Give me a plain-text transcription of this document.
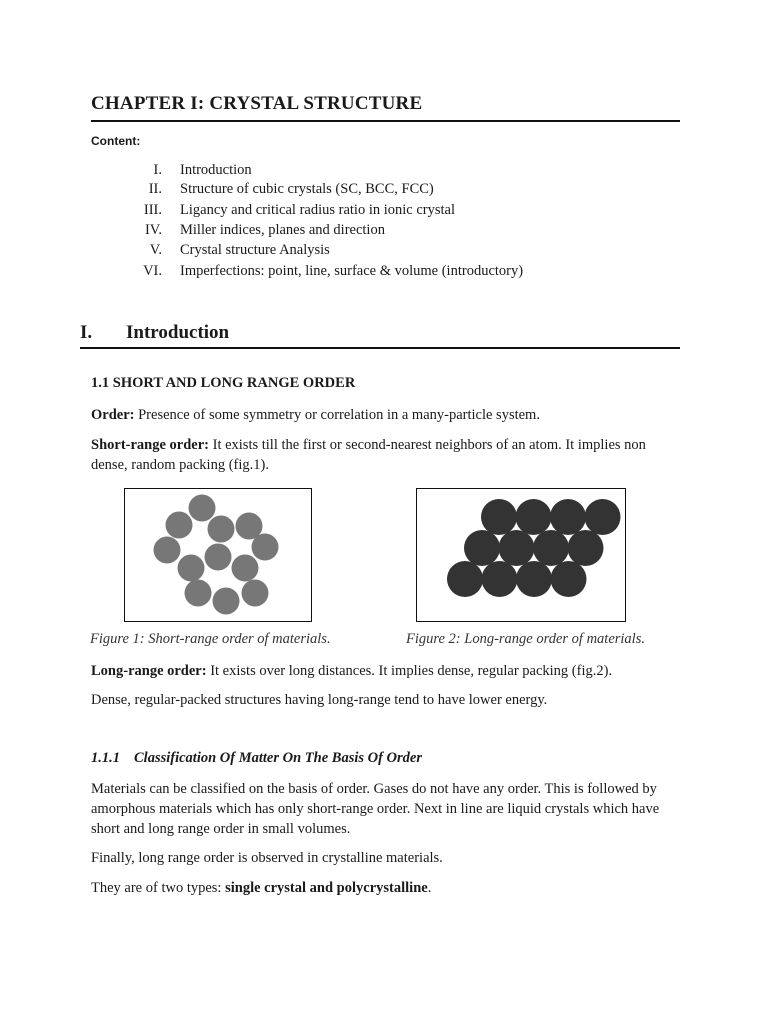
CHAPTER I: CRYSTAL STRUCTURE
Content:
I. Introduction
II. Structure of cubic crystals (SC, BCC, FCC)
III. Ligancy and critical radius ratio in ionic crystal
IV. Miller indices, planes and direction
V. Crystal structure Analysis
VI. Imperfections: point, line, surface & volume (introductory)
I. Introduction
1.1 SHORT AND LONG RANGE ORDER
Order: Presence of some symmetry or correlation in a many-particle system.
Short-range order: It exists till the first or second-nearest neighbors of an atom. It implies non dense, random packing (fig.1).
Figure 1: Short-range order of materials.	Figure 2: Long-range order of materials.
Long-range order: It exists over long distances. It implies dense, regular packing (fig.2).
Dense, regular-packed structures having long-range tend to have lower energy.
1.1.1 Classification Of Matter On The Basis Of Order
Materials can be classified on the basis of order. Gases do not have any order. This is followed by amorphous materials which has only short-range order. Next in line are liquid crystals which have short and long range order in small volumes.
Finally, long range order is observed in crystalline materials.
They are of two types: single crystal and polycrystalline.
